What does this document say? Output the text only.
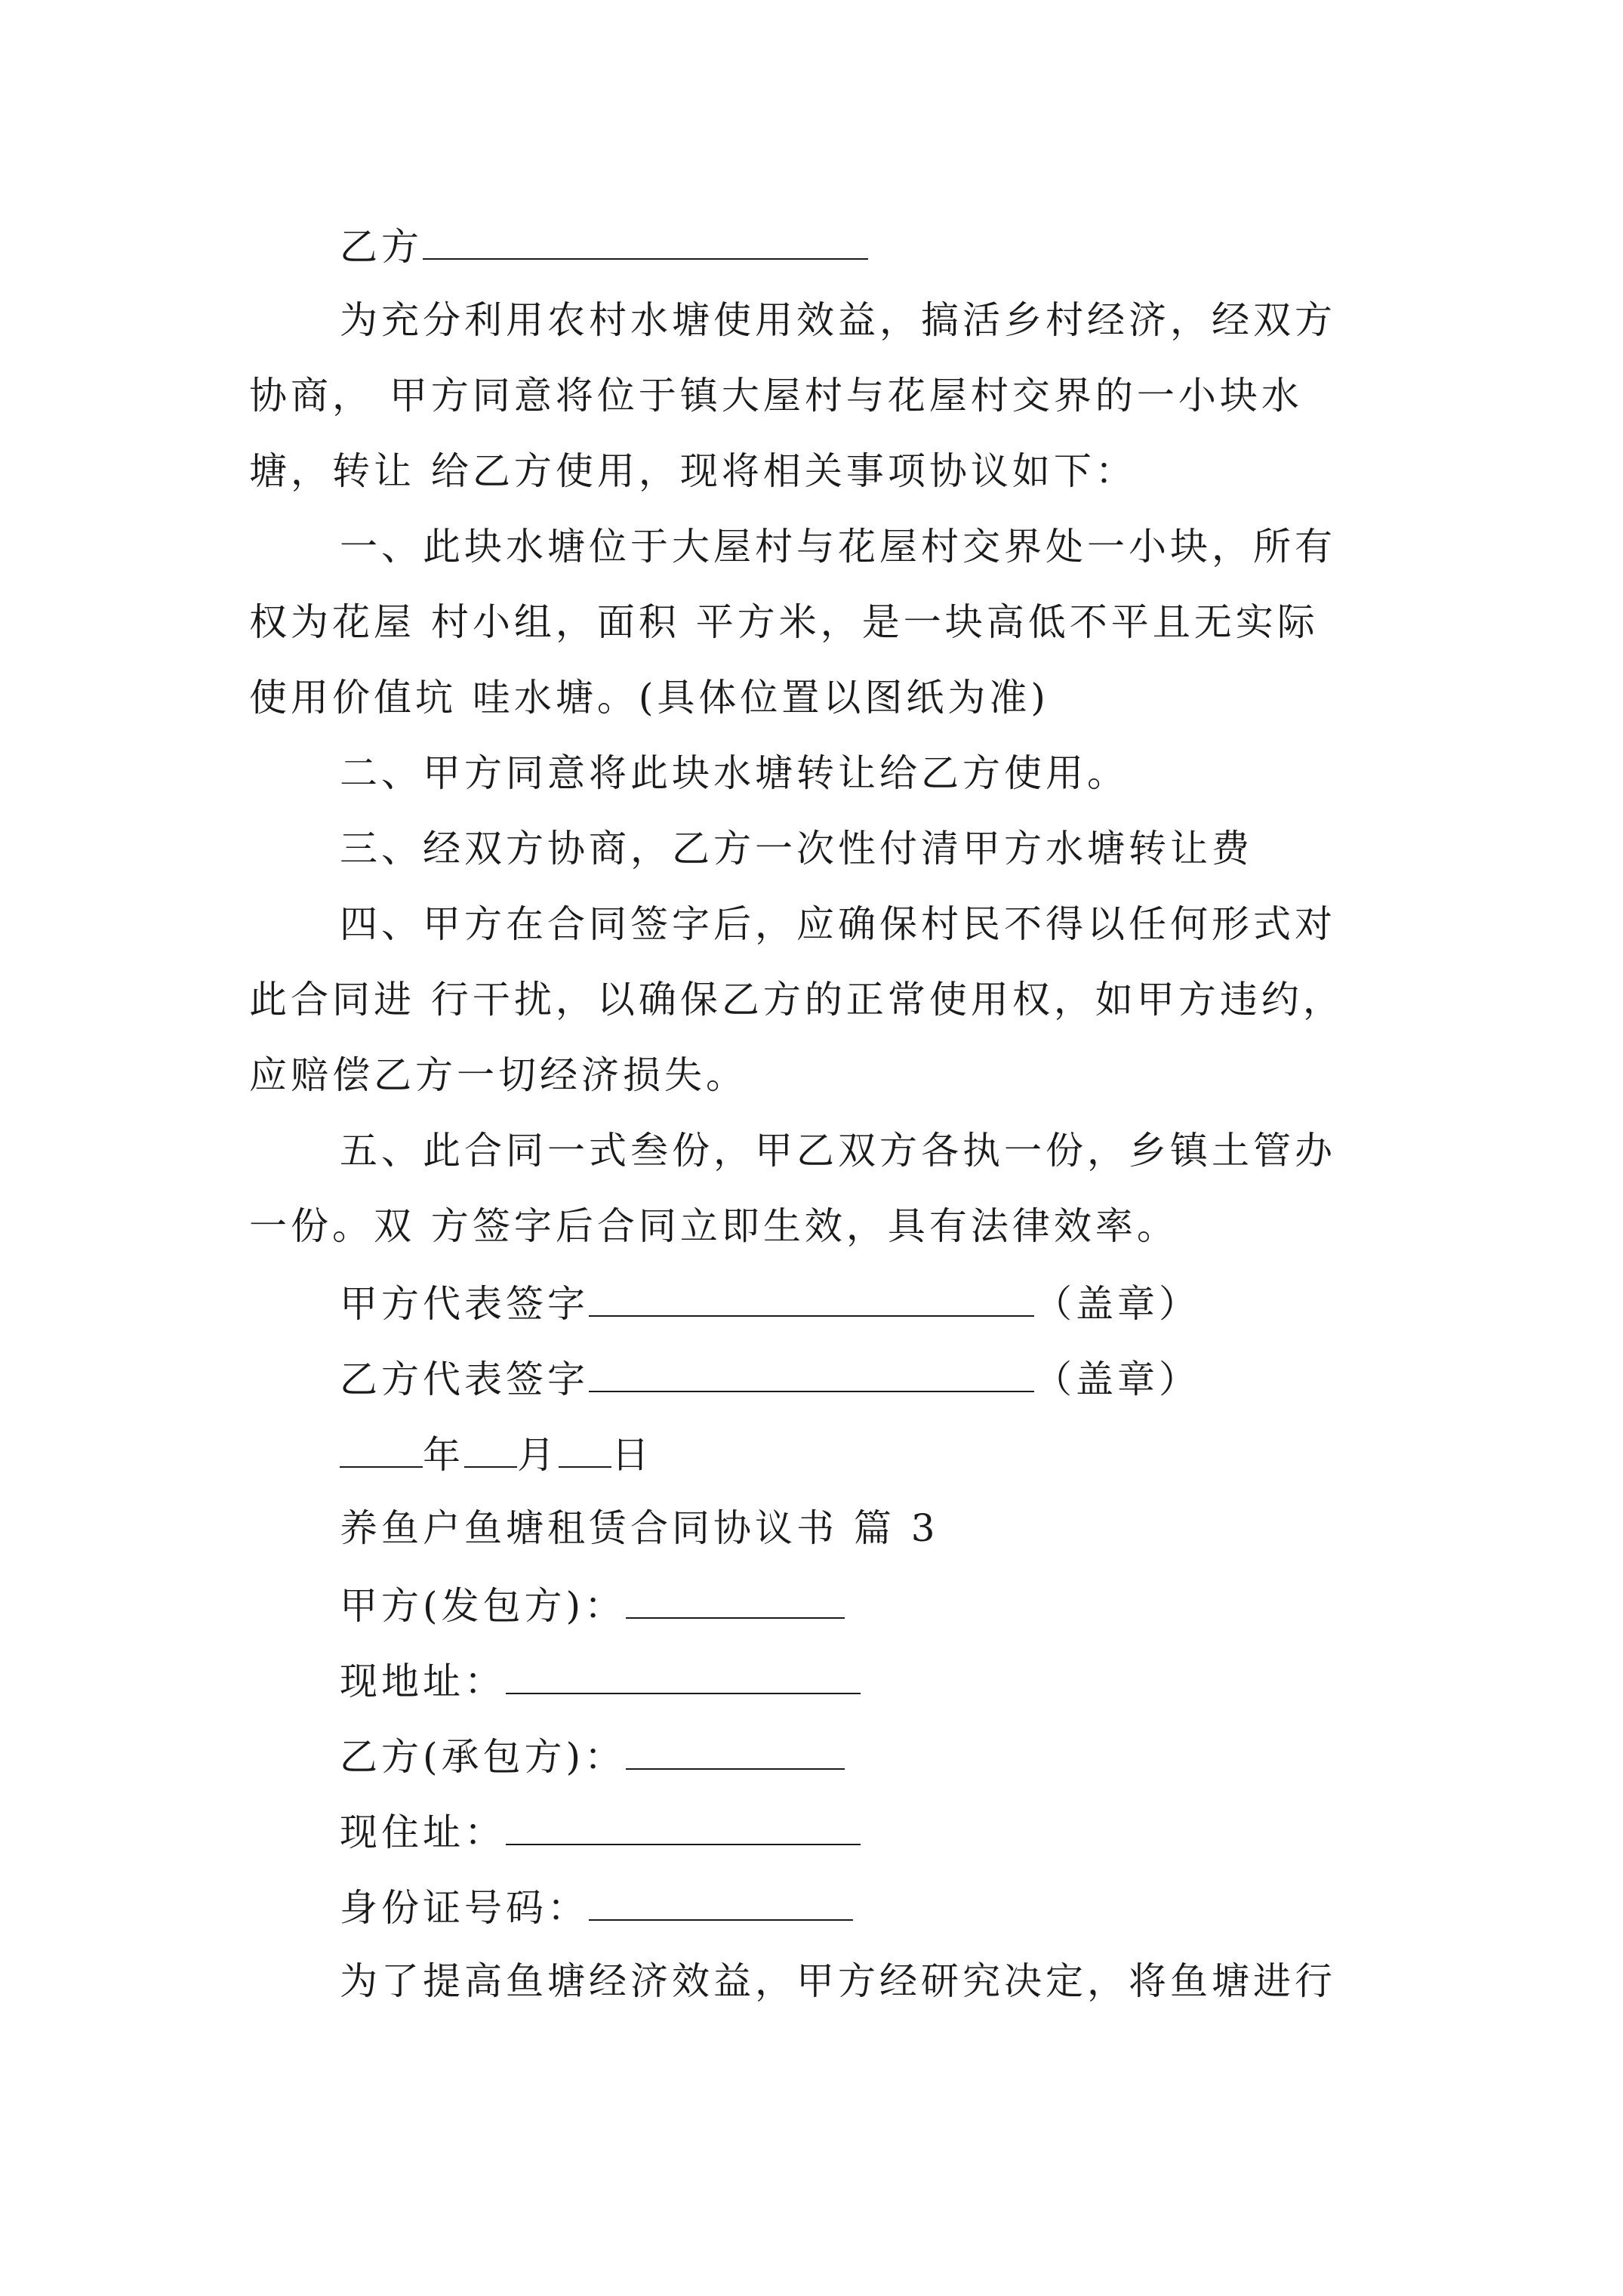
乙方
为充分利用农村水塘使用效益，搞活乡村经济，经双方
协商， 甲方同意将位于镇大屋村与花屋村交界的一小块水
塘，转让 给乙方使用，现将相关事项协议如下：
一、此块水塘位于大屋村与花屋村交界处一小块，所有
权为花屋 村小组，面积 平方米，是一块高低不平且无实际
使用价值坑 哇水塘。(具体位置以图纸为准)
二、甲方同意将此块水塘转让给乙方使用。
三、经双方协商，乙方一次性付清甲方水塘转让费
四、甲方在合同签字后，应确保村民不得以任何形式对
此合同进 行干扰，以确保乙方的正常使用权，如甲方违约，
应赔偿乙方一切经济损失。
五、此合同一式叁份，甲乙双方各执一份，乡镇土管办
一份。双 方签字后合同立即生效，具有法律效率。
甲方代表签字	（盖章）
乙方代表签字	（盖章）
年 月 日
养鱼户鱼塘租赁合同协议书 篇 3
甲方(发包方)：
现地址：
乙方(承包方)：
现住址：
身份证号码：
为了提高鱼塘经济效益，甲方经研究决定，将鱼塘进行
